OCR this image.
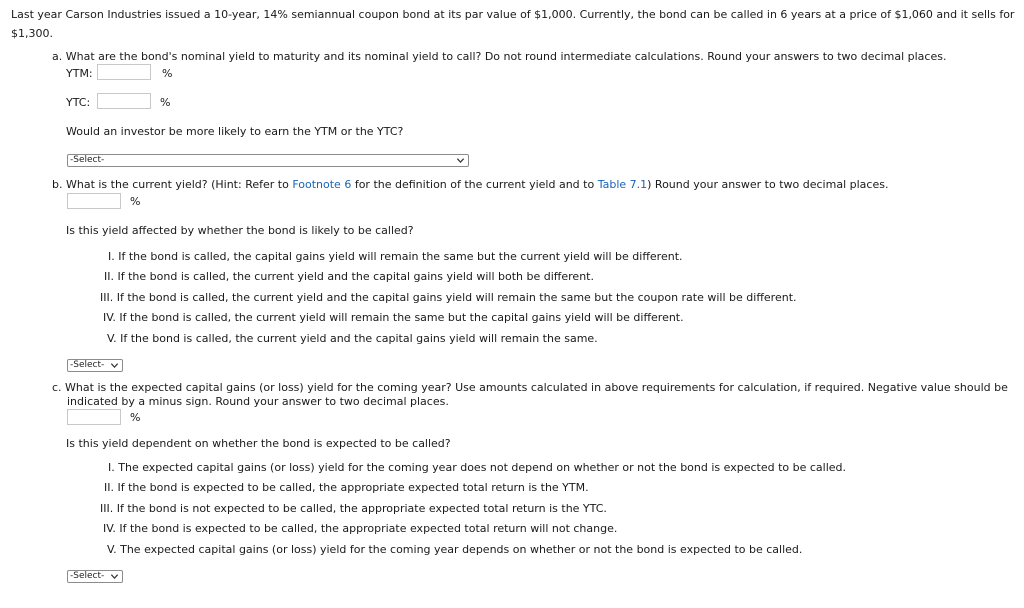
Last year Carson Industries issued a 10-year, 14% semiannual coupon bond at its par value of $1,000. Currently, the bond can be called in 6 years at a price of $1,060 and it sells for $1,300.
a. What are the bond's nominal yield to maturity and its nominal yield to call? Do not round intermediate calculations. Round your answers to two decimal places.
YTM:	%
YTC:	%
Would an investor be more likely to earn the YTM or the YTC?
-Select-
b. What is the current yield? (Hint: Refer to Footnote 6 for the definition of the current yield and to Table 7.1) Round your answer to two decimal places.
%
Is this yield affected by whether the bond is likely to be called?
I. If the bond is called, the capital gains yield will remain the same but the current yield will be different.
II. If the bond is called, the current yield and the capital gains yield will both be different.
III. If the bond is called, the current yield and the capital gains yield will remain the same but the coupon rate will be different.
IV. If the bond is called, the current yield will remain the same but the capital gains yield will be different.
V. If the bond is called, the current yield and the capital gains yield will remain the same.
-Select-
c. What is the expected capital gains (or loss) yield for the coming year? Use amounts calculated in above requirements for calculation, if required. Negative value should be
indicated by a minus sign. Round your answer to two decimal places.
%
Is this yield dependent on whether the bond is expected to be called?
I. The expected capital gains (or loss) yield for the coming year does not depend on whether or not the bond is expected to be called.
II. If the bond is expected to be called, the appropriate expected total return is the YTM.
III. If the bond is not expected to be called, the appropriate expected total return is the YTC.
IV. If the bond is expected to be called, the appropriate expected total return will not change.
V. The expected capital gains (or loss) yield for the coming year depends on whether or not the bond is expected to be called.
-Select-
